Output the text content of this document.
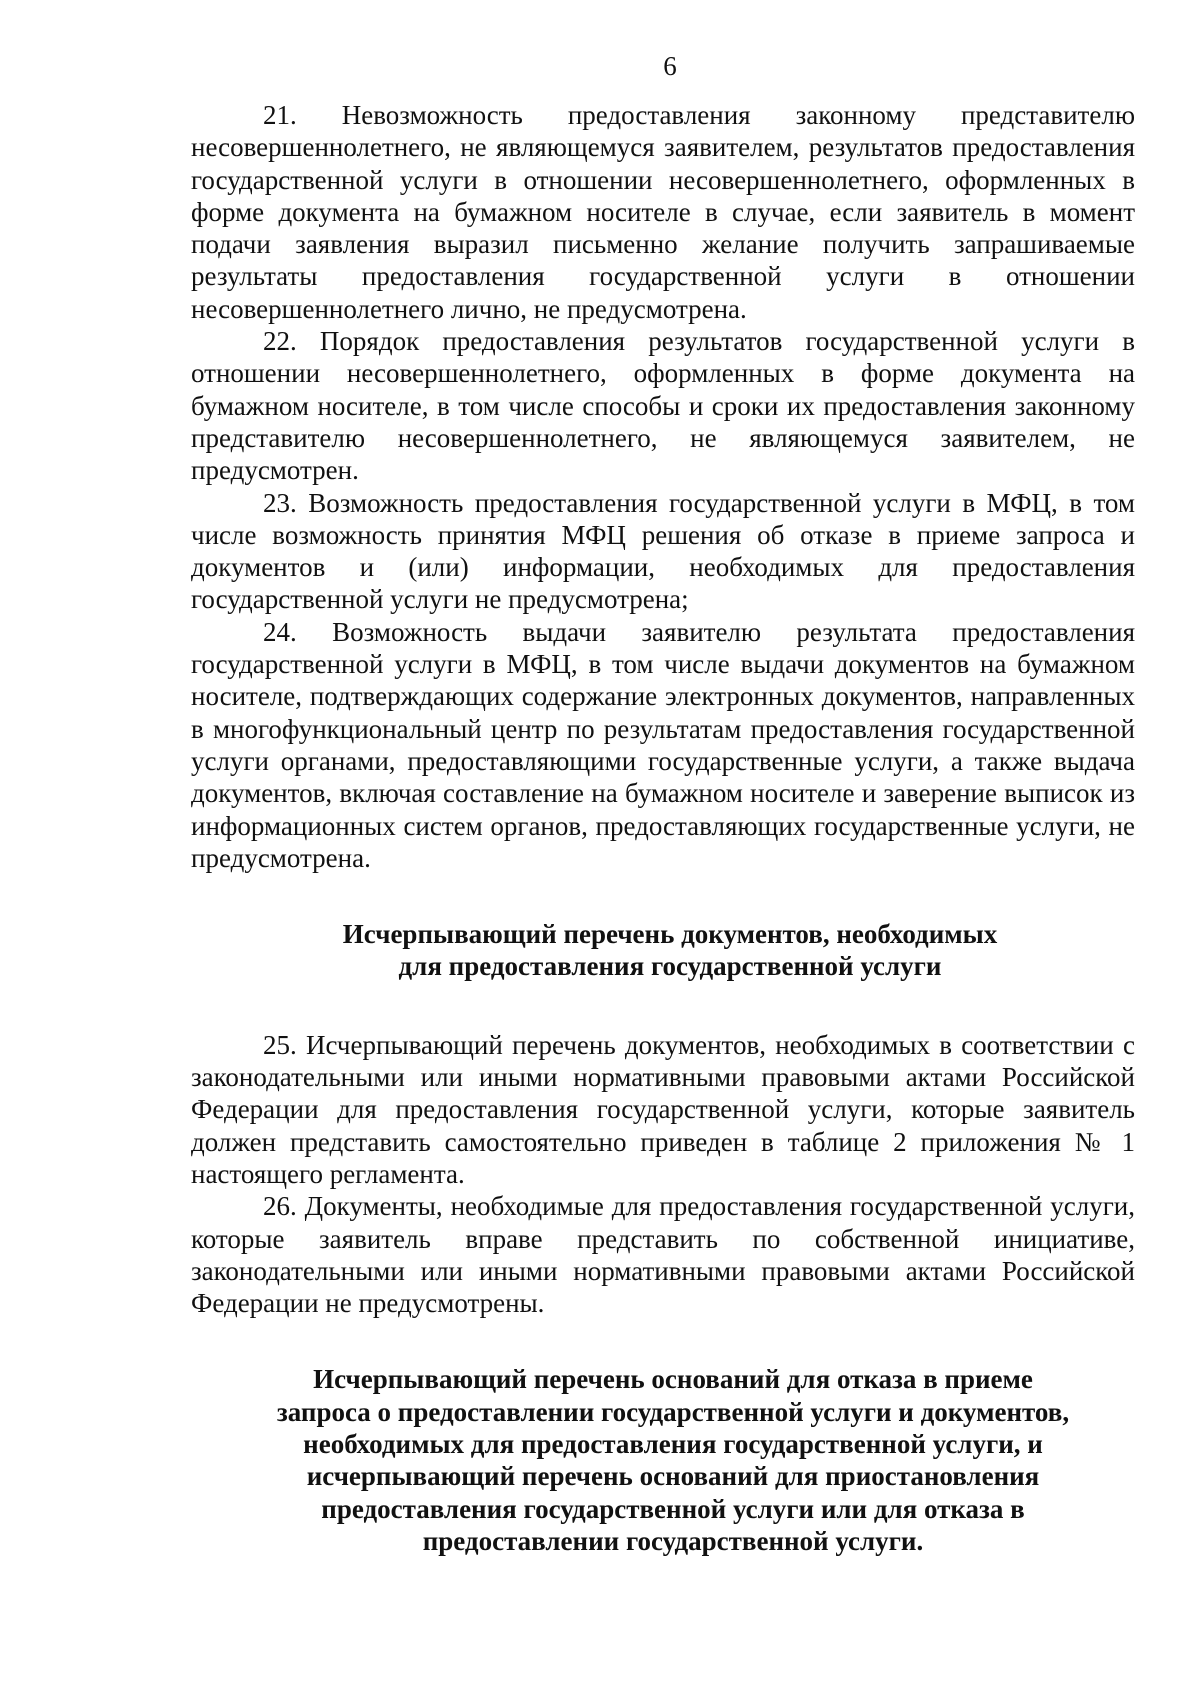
6

21. Невозможность предоставления законному представителю несовершеннолетнего, не являющемуся заявителем, результатов предоставления государственной услуги в отношении несовершеннолетнего, оформленных в форме документа на бумажном носителе в случае, если заявитель в момент подачи заявления выразил письменно желание получить запрашиваемые результаты предоставления государственной услуги в отношении несовершеннолетнего лично, не предусмотрена.

22. Порядок предоставления результатов государственной услуги в отношении несовершеннолетнего, оформленных в форме документа на бумажном носителе, в том числе способы и сроки их предоставления законному представителю несовершеннолетнего, не являющемуся заявителем, не предусмотрен.

23. Возможность предоставления государственной услуги в МФЦ, в том числе возможность принятия МФЦ решения об отказе в приеме запроса и документов и (или) информации, необходимых для предоставления государственной услуги не предусмотрена;

24. Возможность выдачи заявителю результата предоставления государственной услуги в МФЦ, в том числе выдачи документов на бумажном носителе, подтверждающих содержание электронных документов, направленных в многофункциональный центр по результатам предоставления государственной услуги органами, предоставляющими государственные услуги, а также выдача документов, включая составление на бумажном носителе и заверение выписок из информационных систем органов, предоставляющих государственные услуги, не предусмотрена.

Исчерпывающий перечень документов, необходимых
для предоставления государственной услуги

25. Исчерпывающий перечень документов, необходимых в соответствии с законодательными или иными нормативными правовыми актами Российской Федерации для предоставления государственной услуги, которые заявитель должен представить самостоятельно приведен в таблице 2 приложения № 1 настоящего регламента.

26. Документы, необходимые для предоставления государственной услуги, которые заявитель вправе представить по собственной инициативе, законодательными или иными нормативными правовыми актами Российской Федерации не предусмотрены.

Исчерпывающий перечень оснований для отказа в приеме
запроса о предоставлении государственной услуги и документов,
необходимых для предоставления государственной услуги, и
исчерпывающий перечень оснований для приостановления
предоставления государственной услуги или для отказа в
предоставлении государственной услуги.
